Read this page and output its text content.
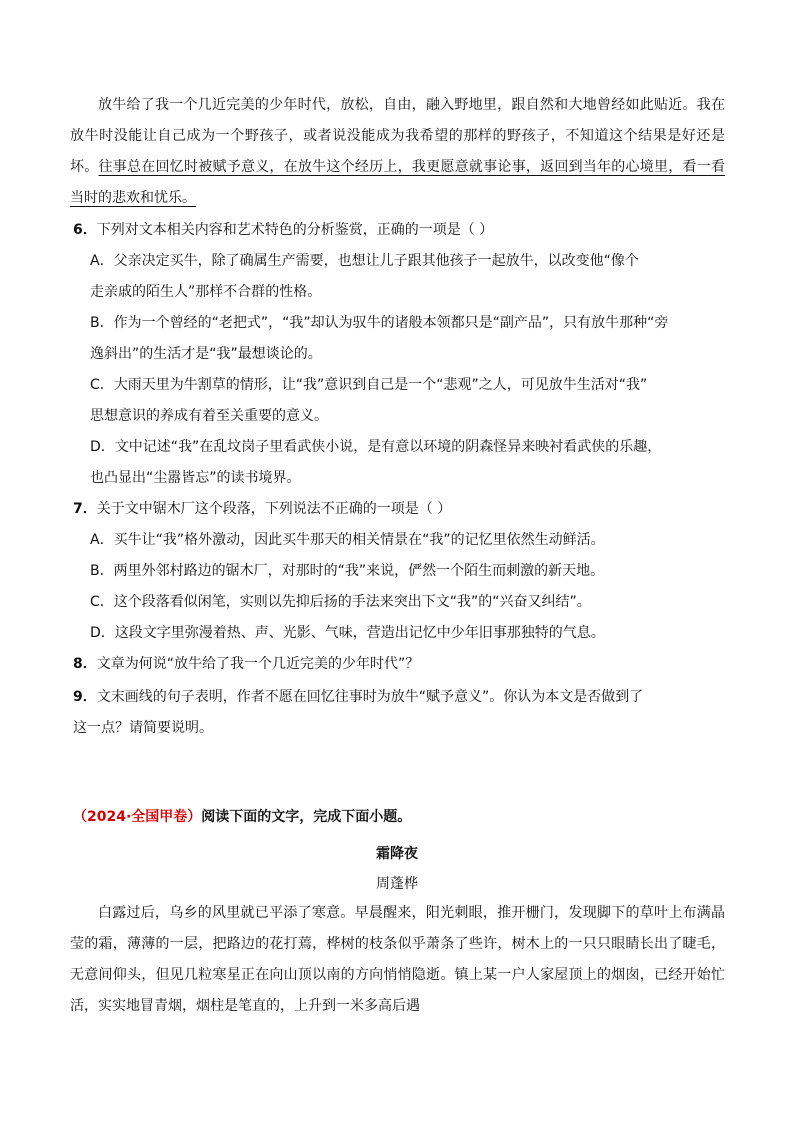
放牛给了我一个几近完美的少年时代，放松，自由，融入野地里，跟自然和大地曾经如此贴近。我在放牛时没能让自己成为一个野孩子，或者说没能成为我希望的那样的野孩子，不知道这个结果是好还是坏。往事总在回忆时被赋予意义，在放牛这个经历上，我更愿意就事论事，返回到当年的心境里，看一看当时的悲欢和忧乐。

6．下列对文本相关内容和艺术特色的分析鉴赏，正确的一项是（ ）

A．父亲决定买牛，除了确属生产需要，也想让儿子跟其他孩子一起放牛，以改变他“像个

走亲戚的陌生人”那样不合群的性格。

B．作为一个曾经的“老把式”，“我”却认为驭牛的诸般本领都只是“副产品”，只有放牛那种“旁

逸斜出”的生活才是“我”最想谈论的。

C．大雨天里为牛割草的情形，让“我”意识到自己是一个“悲观”之人，可见放牛生活对“我”

思想意识的养成有着至关重要的意义。

D．文中记述“我”在乱坟岗子里看武侠小说，是有意以环境的阴森怪异来映衬看武侠的乐趣，

也凸显出“尘嚣皆忘”的读书境界。

7．关于文中锯木厂这个段落，下列说法不正确的一项是（ ）

A．买牛让“我”格外激动，因此买牛那天的相关情景在“我”的记忆里依然生动鲜活。

B．两里外邻村路边的锯木厂，对那时的“我”来说，俨然一个陌生而刺激的新天地。

C．这个段落看似闲笔，实则以先抑后扬的手法来突出下文“我”的“兴奋又纠结”。

D．这段文字里弥漫着热、声、光影、气味，营造出记忆中少年旧事那独特的气息。

8．文章为何说“放牛给了我一个几近完美的少年时代”？

9．文末画线的句子表明，作者不愿在回忆往事时为放牛“赋予意义”。你认为本文是否做到了

这一点？请简要说明。

（2024·全国甲卷）阅读下面的文字，完成下面小题。
霜降夜
周蓬桦

白露过后，乌乡的风里就已平添了寒意。早晨醒来，阳光刺眼，推开栅门，发现脚下的草叶上布满晶莹的霜，薄薄的一层，把路边的花打蔫，桦树的枝条似乎萧条了些许，树木上的一只只眼睛长出了睫毛，无意间仰头，但见几粒寒星正在向山顶以南的方向悄悄隐逝。镇上某一户人家屋顶上的烟囱，已经开始忙活，实实地冒青烟，烟柱是笔直的，上升到一米多高后遇
